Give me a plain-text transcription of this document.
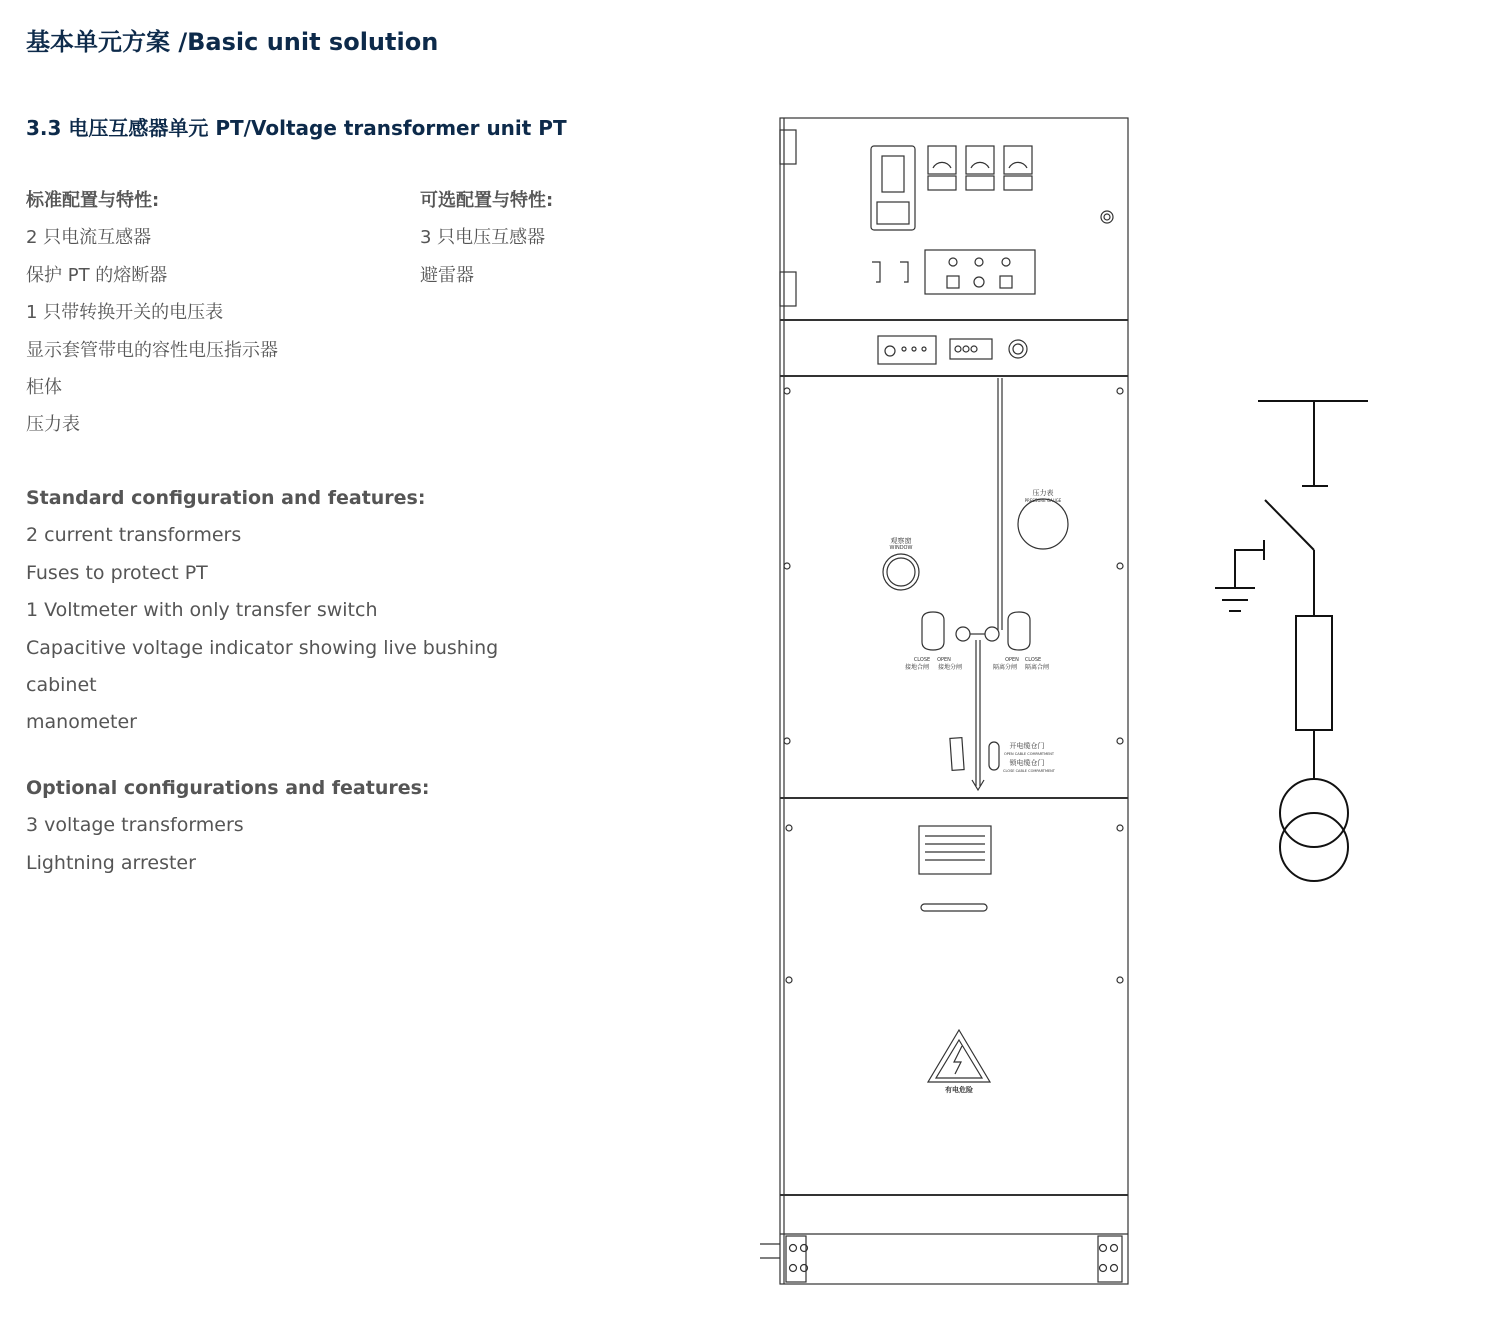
基本单元方案 /Basic unit solution
3.3 电压互感器单元 PT/Voltage transformer unit PT
标准配置与特性:
2 只电流互感器
保护 PT 的熔断器
1 只带转换开关的电压表
显示套管带电的容性电压指示器
柜体
压力表
可选配置与特性:
3 只电压互感器
避雷器
Standard configuration and features:
2 current transformers
Fuses to protect PT
1 Voltmeter with only transfer switch
Capacitive voltage indicator showing live bushing
cabinet
manometer
Optional configurations and features:
3 voltage transformers
Lightning arrester
压力表
PRESSURE GAUGE
观察窗
WINDOW
CLOSE OPEN
接地合闸 接地分闸
OPEN CLOSE
隔离分闸 隔离合闸
开电缆仓门
OPEN CABLE COMPARTMENT
锁电缆仓门
CLOSE CABLE COMPARTMENT
有电危险
